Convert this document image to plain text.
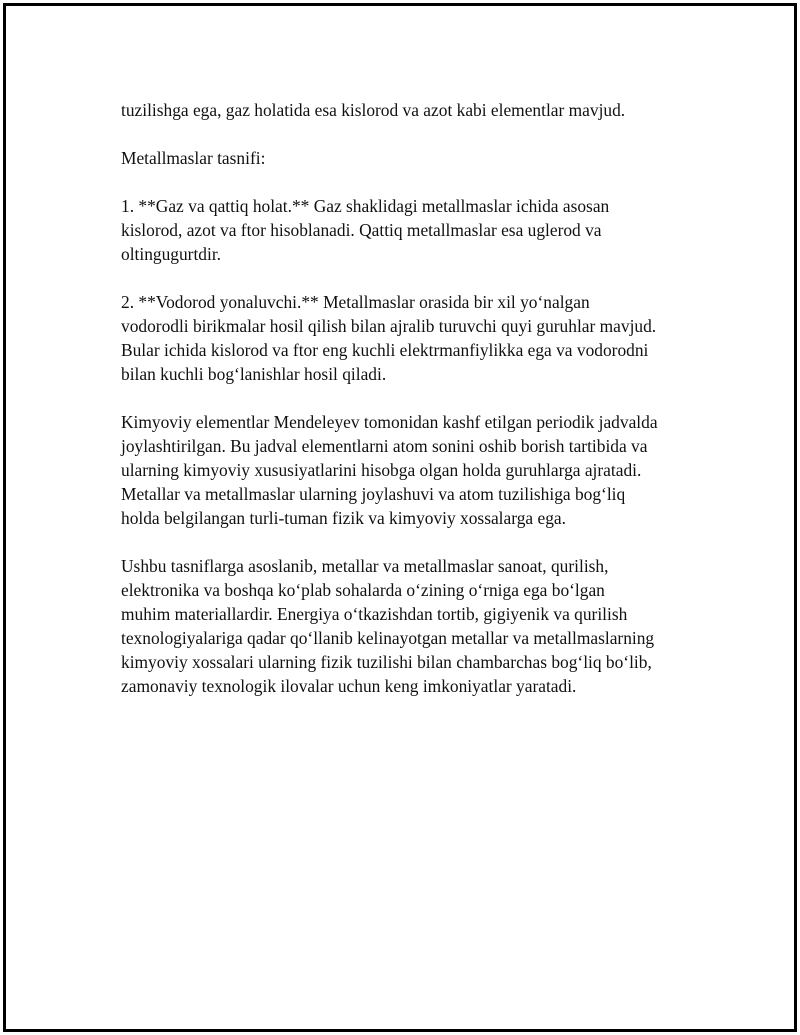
tuzilishga ega, gaz holatida esa kislorod va azot kabi elementlar mavjud.

Metallmaslar tasnifi:

1. **Gaz va qattiq holat.** Gaz shaklidagi metallmaslar ichida asosan
kislorod, azot va ftor hisoblanadi. Qattiq metallmaslar esa uglerod va
oltingugurtdir.

2. **Vodorod yonaluvchi.** Metallmaslar orasida bir xil yo‘nalgan
vodorodli birikmalar hosil qilish bilan ajralib turuvchi quyi guruhlar mavjud.
Bular ichida kislorod va ftor eng kuchli elektrmanfiylikka ega va vodorodni
bilan kuchli bog‘lanishlar hosil qiladi.

Kimyoviy elementlar Mendeleyev tomonidan kashf etilgan periodik jadvalda
joylashtirilgan. Bu jadval elementlarni atom sonini oshib borish tartibida va
ularning kimyoviy xususiyatlarini hisobga olgan holda guruhlarga ajratadi.
Metallar va metallmaslar ularning joylashuvi va atom tuzilishiga bog‘liq
holda belgilangan turli-tuman fizik va kimyoviy xossalarga ega.

Ushbu tasniflarga asoslanib, metallar va metallmaslar sanoat, qurilish,
elektronika va boshqa ko‘plab sohalarda o‘zining o‘rniga ega bo‘lgan
muhim materiallardir. Energiya o‘tkazishdan tortib, gigiyenik va qurilish
texnologiyalariga qadar qo‘llanib kelinayotgan metallar va metallmaslarning
kimyoviy xossalari ularning fizik tuzilishi bilan chambarchas bog‘liq bo‘lib,
zamonaviy texnologik ilovalar uchun keng imkoniyatlar yaratadi.
